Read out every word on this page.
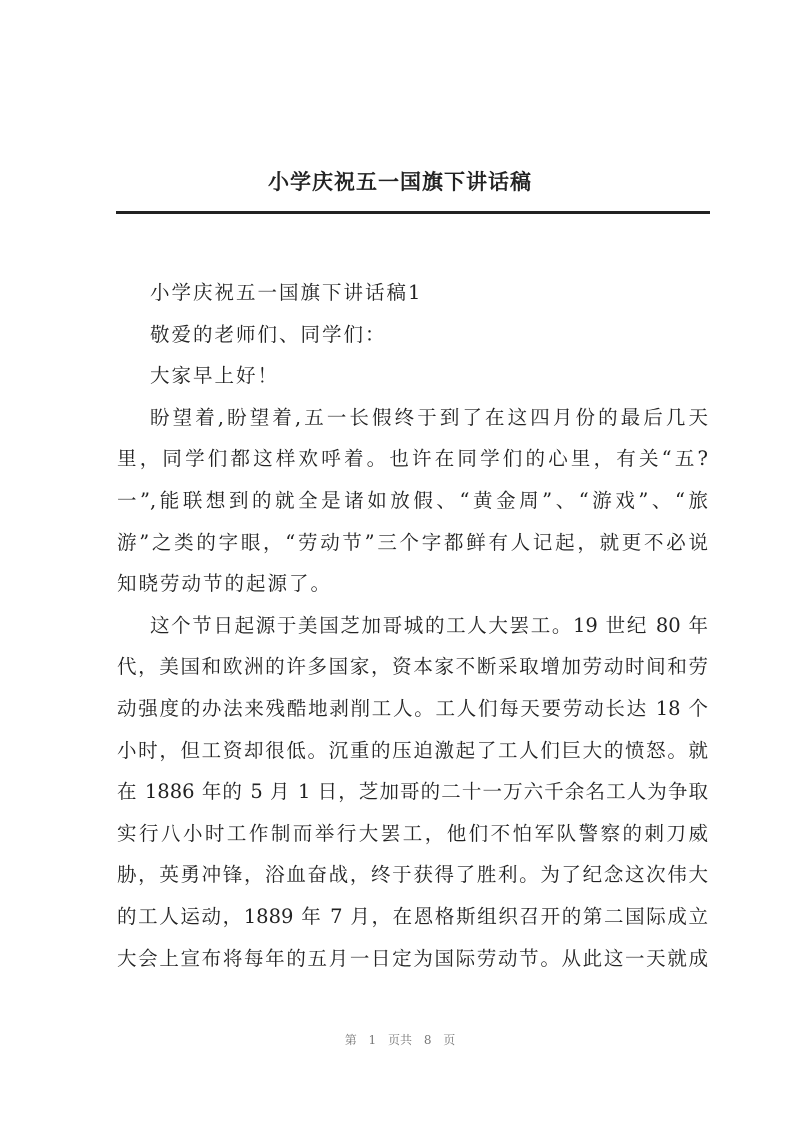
小学庆祝五一国旗下讲话稿
小学庆祝五一国旗下讲话稿1
敬爱的老师们、同学们：
大家早上好！
盼望着,盼望着,五一长假终于到了在这四月份的最后几天
里，同学们都这样欢呼着。也许在同学们的心里，有关“五?
一”,能联想到的就全是诸如放假、“黄金周”、“游戏”、“旅
游”之类的字眼，“劳动节”三个字都鲜有人记起，就更不必说
知晓劳动节的起源了。
这个节日起源于美国芝加哥城的工人大罢工。19 世纪 80 年
代，美国和欧洲的许多国家，资本家不断采取增加劳动时间和劳
动强度的办法来残酷地剥削工人。工人们每天要劳动长达 18 个
小时，但工资却很低。沉重的压迫激起了工人们巨大的愤怒。就
在 1886 年的 5 月 1 日，芝加哥的二十一万六千余名工人为争取
实行八小时工作制而举行大罢工，他们不怕军队警察的刺刀威
胁，英勇冲锋，浴血奋战，终于获得了胜利。为了纪念这次伟大
的工人运动，1889 年 7 月，在恩格斯组织召开的第二国际成立
大会上宣布将每年的五月一日定为国际劳动节。从此这一天就成
第 1 页共 8 页
